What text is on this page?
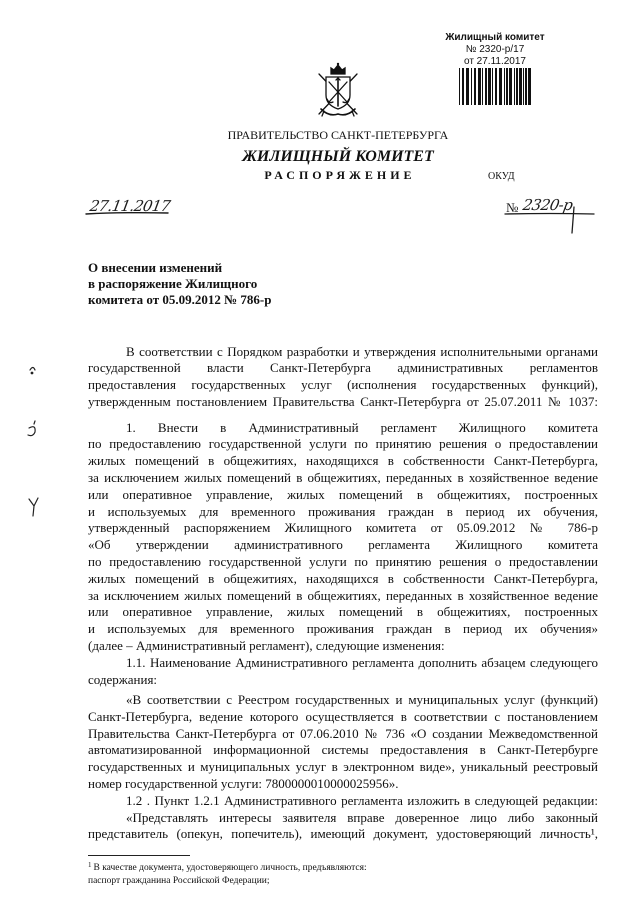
Жилищный комитет
№ 2320-р/17
от 27.11.2017
ПРАВИТЕЛЬСТВО САНКТ-ПЕТЕРБУРГА
ЖИЛИЩНЫЙ КОМИТЕТ
РАСПОРЯЖЕНИЕ	ОКУД
27.11.2017	№ 2320-р
О внесении изменений
в распоряжение Жилищного
комитета от 05.09.2012 № 786-р
В соответствии с Порядком разработки и утверждения исполнительными органами
государственной власти Санкт-Петербурга административных регламентов
предоставления государственных услуг (исполнения государственных функций),
утвержденным постановлением Правительства Санкт-Петербурга от 25.07.2011 № 1037:
1. Внести в Административный регламент Жилищного комитета
по предоставлению государственной услуги по принятию решения о предоставлении
жилых помещений в общежитиях, находящихся в собственности Санкт-Петербурга,
за исключением жилых помещений в общежитиях, переданных в хозяйственное ведение
или оперативное управление, жилых помещений в общежитиях, построенных
и используемых для временного проживания граждан в период их обучения,
утвержденный распоряжением Жилищного комитета от 05.09.2012 № 786-р
«Об утверждении административного регламента Жилищного комитета
по предоставлению государственной услуги по принятию решения о предоставлении
жилых помещений в общежитиях, находящихся в собственности Санкт-Петербурга,
за исключением жилых помещений в общежитиях, переданных в хозяйственное ведение
или оперативное управление, жилых помещений в общежитиях, построенных
и используемых для временного проживания граждан в период их обучения»
(далее – Административный регламент), следующие изменения:
1.1. Наименование Административного регламента дополнить абзацем следующего
содержания:
«В соответствии с Реестром государственных и муниципальных услуг (функций)
Санкт-Петербурга, ведение которого осуществляется в соответствии с постановлением
Правительства Санкт-Петербурга от 07.06.2010 № 736 «О создании Межведомственной
автоматизированной информационной системы предоставления в Санкт-Петербурге
государственных и муниципальных услуг в электронном виде», уникальный реестровый
номер государственной услуги: 7800000010000025956».
1.2 . Пункт 1.2.1 Административного регламента изложить в следующей редакции:
«Представлять интересы заявителя вправе доверенное лицо либо законный
представитель (опекун, попечитель), имеющий документ, удостоверяющий личность¹,
$^1$ В качестве документа, удостоверяющего личность, предъявляются:
паспорт гражданина Российской Федерации;
